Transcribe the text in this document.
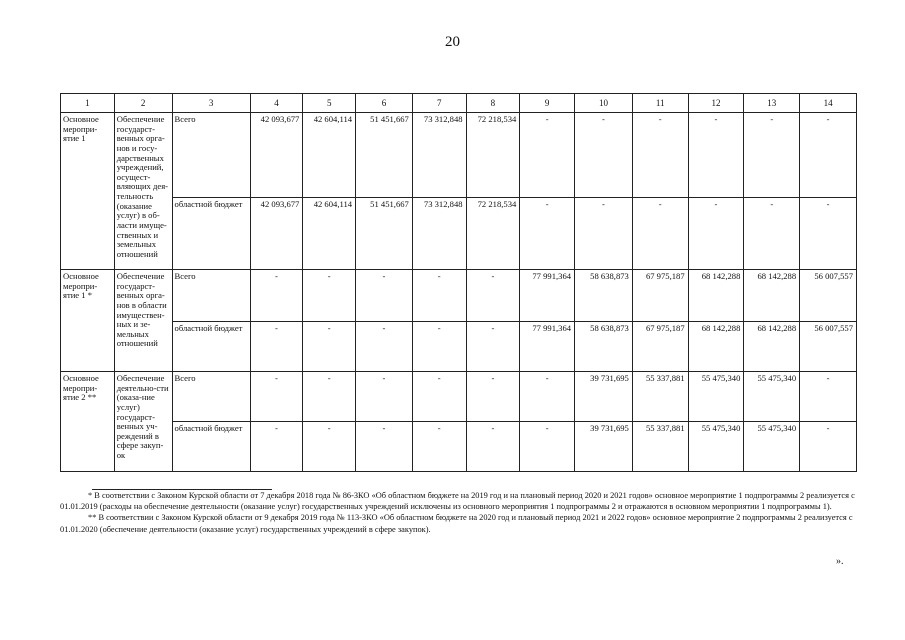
20
1	2	3	4	5	6	7	8	9	10	11	12	13	14
Основное меропри-ятие 1	Обеспечение государст-венных орга-нов и госу-дарственных учреждений, осущест-вляющих дея-тельность (оказание услуг) в об-ласти имуще-ственных и земельных отношений	Всего	42 093,677	42 604,114	51 451,667	73 312,848	72 218,534	-	-	-	-	-	-
		областной бюджет	42 093,677	42 604,114	51 451,667	73 312,848	72 218,534	-	-	-	-	-	-
Основное меропри-ятие 1 *	Обеспечение государст-венных орга-нов в области имуществен-ных и зе-мельных отношений	Всего	-	-	-	-	-	77 991,364	58 638,873	67 975,187	68 142,288	68 142,288	56 007,557
		областной бюджет	-	-	-	-	-	77 991,364	58 638,873	67 975,187	68 142,288	68 142,288	56 007,557
Основное меропри-ятие 2 **	Обеспечение деятельно-сти (оказа-ние услуг) государст-венных уч-реждений в сфере закуп-ок	Всего	-	-	-	-	-	-	39 731,695	55 337,881	55 475,340	55 475,340	-
		областной бюджет	-	-	-	-	-	-	39 731,695	55 337,881	55 475,340	55 475,340	-

* В соответствии с Законом Курской области от 7 декабря 2018 года № 86-ЗКО «Об областном бюджете на 2019 год и на плановый период 2020 и 2021 годов» основное мероприятие 1 подпрограммы 2 реализуется с 01.01.2019 (расходы на обеспечение деятельности (оказание услуг) государственных учреждений исключены из основного мероприятия 1 подпрограммы 2 и отражаются в основном мероприятии 1 подпрограммы 1).

** В соответствии с Законом Курской области от 9 декабря 2019 года № 113-ЗКО «Об областном бюджете на 2020 год и плановый период 2021 и 2022 годов» основное мероприятие 2 подпрограммы 2 реализуется с 01.01.2020 (обеспечение деятельности (оказание услуг) государственных учреждений в сфере закупок).

».
